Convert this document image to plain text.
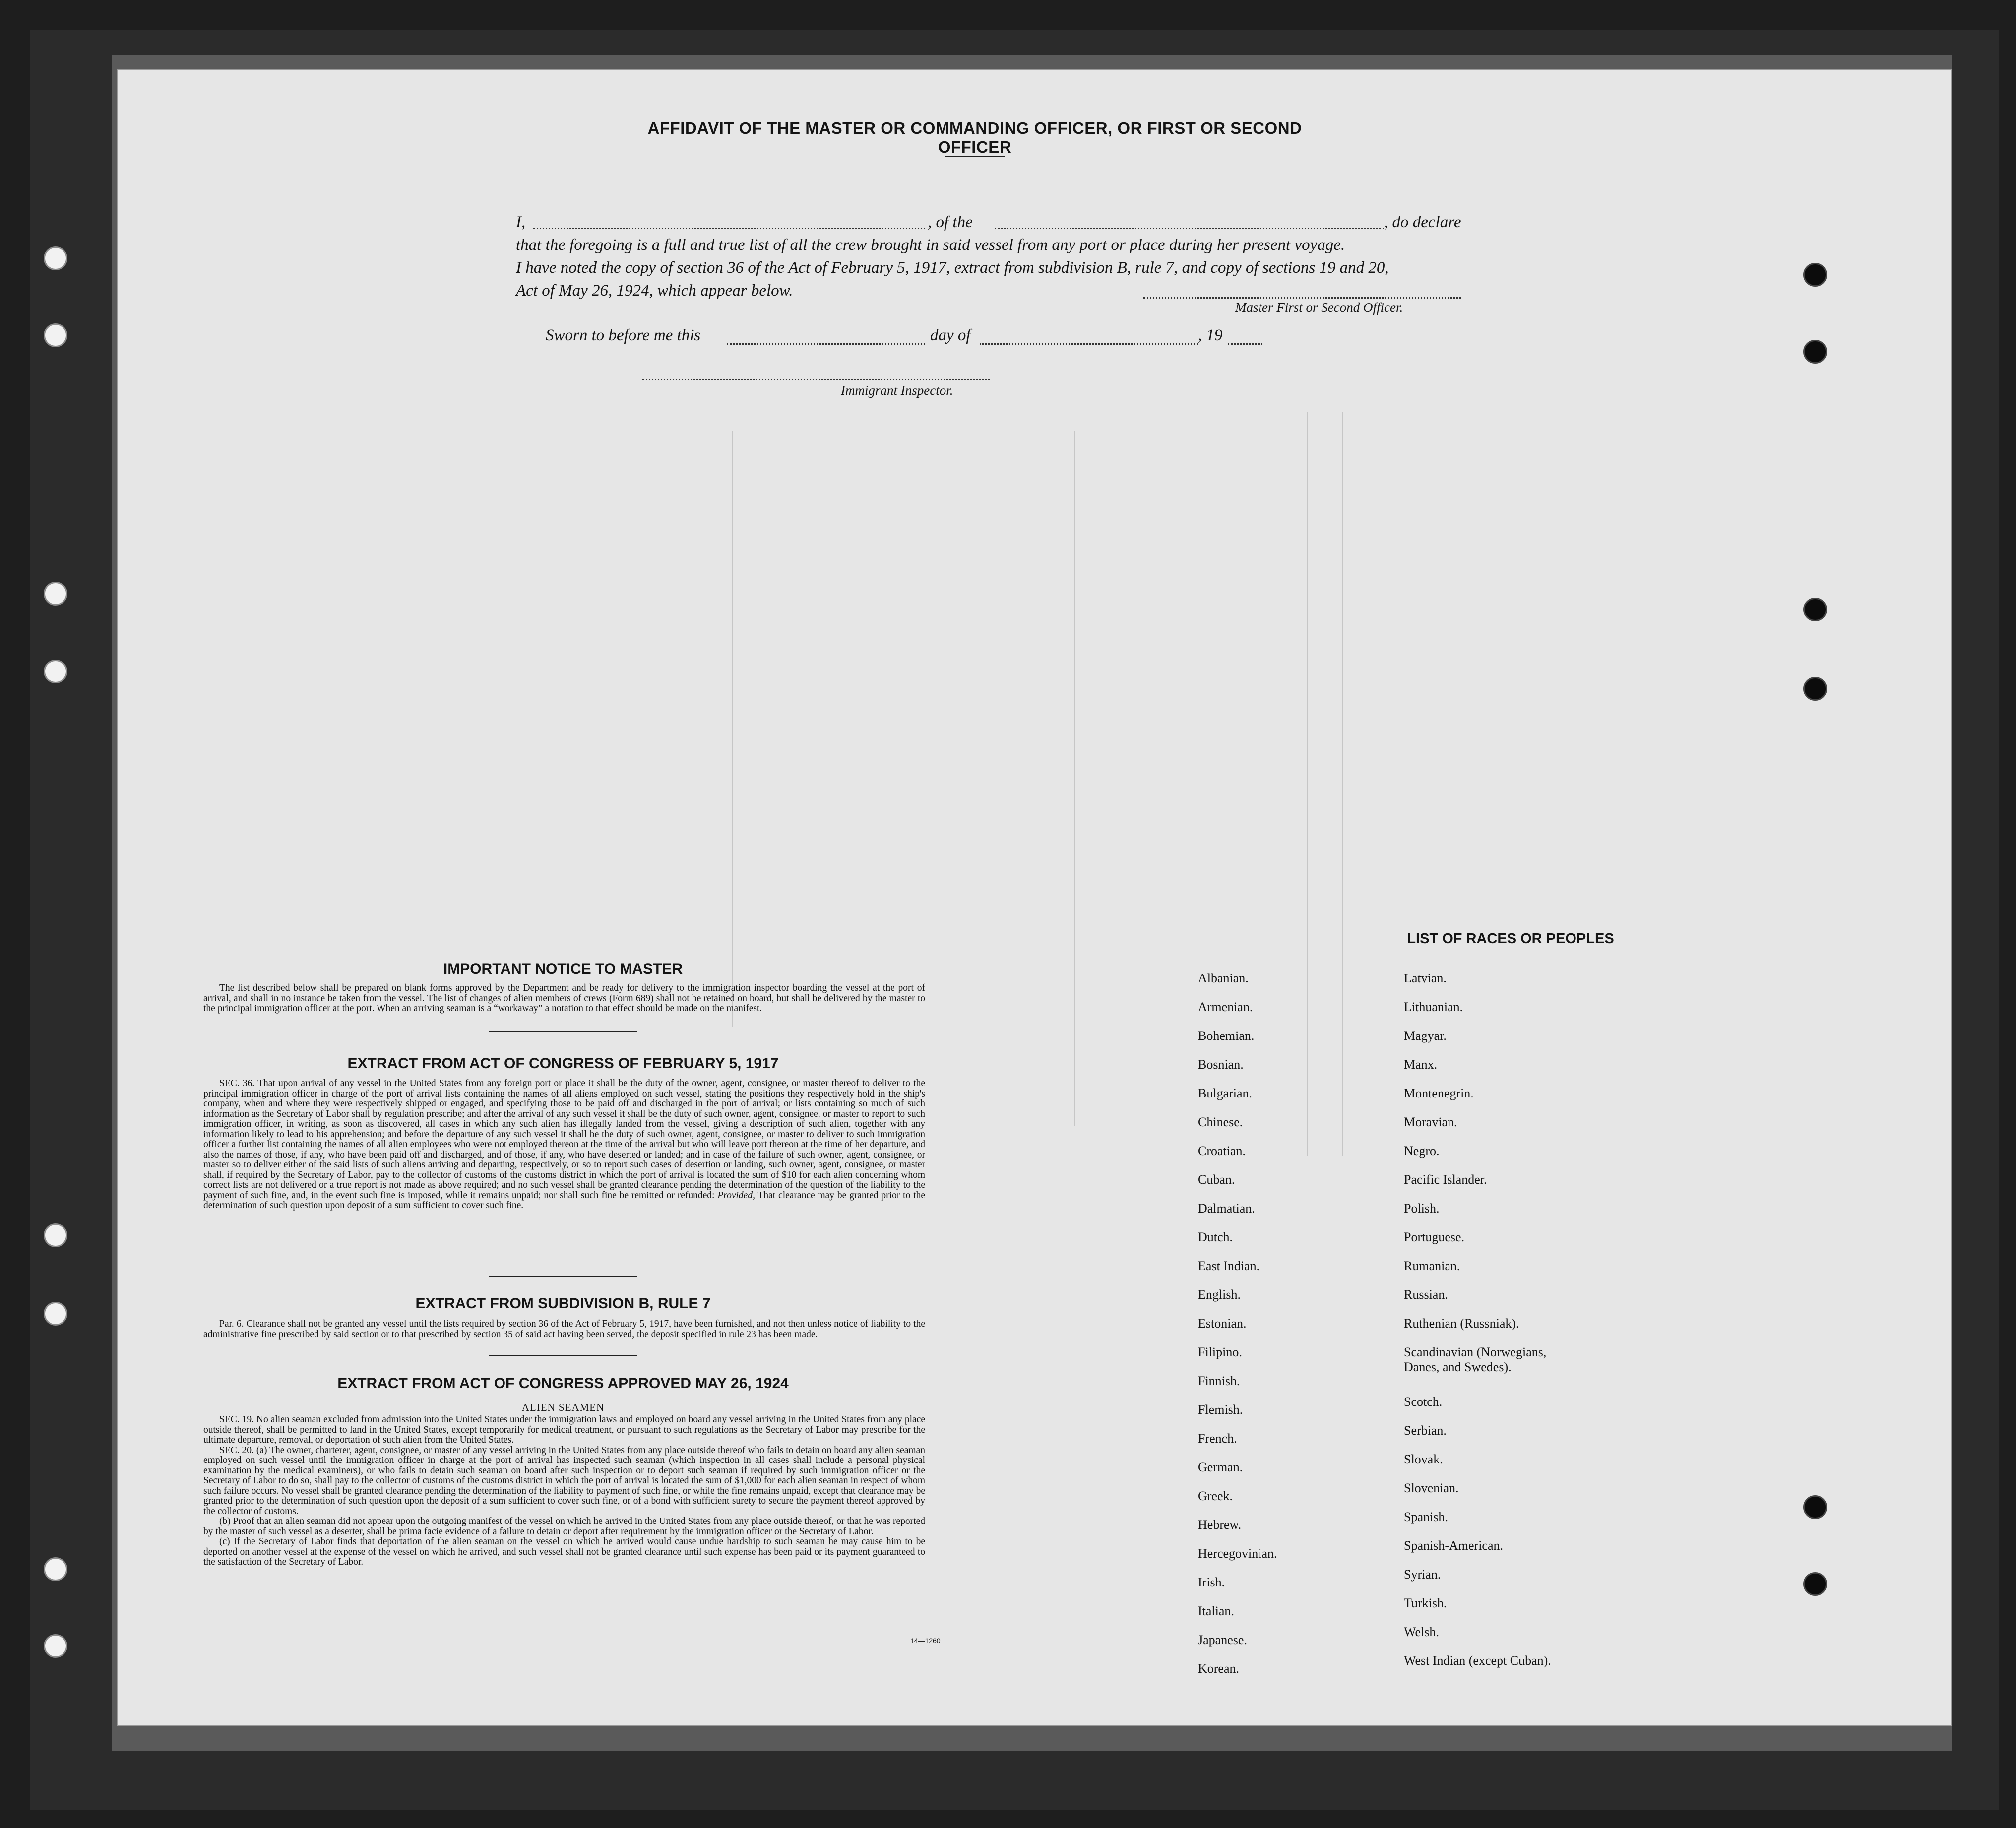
AFFIDAVIT OF THE MASTER OR COMMANDING OFFICER, OR FIRST OR SECOND OFFICER
I,	, of the	, do declare
that the foregoing is a full and true list of all the crew brought in said vessel from any port or place during her present voyage.
I have noted the copy of section 36 of the Act of February 5, 1917, extract from subdivision B, rule 7, and copy of sections 19 and 20,
Act of May 26, 1924, which appear below.
Master First or Second Officer.
Sworn to before me this	day of	, 19
Immigrant Inspector.
IMPORTANT NOTICE TO MASTER

The list described below shall be prepared on blank forms approved by the Department and be ready for delivery to the immigration inspector boarding the vessel at the port of arrival, and shall in no instance be taken from the vessel. The list of changes of alien members of crews (Form 689) shall not be retained on board, but shall be delivered by the master to the principal immigration officer at the port. When an arriving seaman is a “workaway” a notation to that effect should be made on the manifest.

EXTRACT FROM ACT OF CONGRESS OF FEBRUARY 5, 1917

SEC. 36. That upon arrival of any vessel in the United States from any foreign port or place it shall be the duty of the owner, agent, consignee, or master thereof to deliver to the principal immigration officer in charge of the port of arrival lists containing the names of all aliens employed on such vessel, stating the positions they respectively hold in the ship's company, when and where they were respectively shipped or engaged, and specifying those to be paid off and discharged in the port of arrival; or lists containing so much of such information as the Secretary of Labor shall by regulation prescribe; and after the arrival of any such vessel it shall be the duty of such owner, agent, consignee, or master to report to such immigration officer, in writing, as soon as discovered, all cases in which any such alien has illegally landed from the vessel, giving a description of such alien, together with any information likely to lead to his apprehension; and before the departure of any such vessel it shall be the duty of such owner, agent, consignee, or master to deliver to such immigration officer a further list containing the names of all alien employees who were not employed thereon at the time of the arrival but who will leave port thereon at the time of her departure, and also the names of those, if any, who have been paid off and discharged, and of those, if any, who have deserted or landed; and in case of the failure of such owner, agent, consignee, or master so to deliver either of the said lists of such aliens arriving and departing, respectively, or so to report such cases of desertion or landing, such owner, agent, consignee, or master shall, if required by the Secretary of Labor, pay to the collector of customs of the customs district in which the port of arrival is located the sum of $10 for each alien concerning whom correct lists are not delivered or a true report is not made as above required; and no such vessel shall be granted clearance pending the determination of the question of the liability to the payment of such fine, and, in the event such fine is imposed, while it remains unpaid; nor shall such fine be remitted or refunded: Provided, That clearance may be granted prior to the determination of such question upon deposit of a sum sufficient to cover such fine.

EXTRACT FROM SUBDIVISION B, RULE 7

Par. 6. Clearance shall not be granted any vessel until the lists required by section 36 of the Act of February 5, 1917, have been furnished, and not then unless notice of liability to the administrative fine prescribed by said section or to that prescribed by section 35 of said act having been served, the deposit specified in rule 23 has been made.

EXTRACT FROM ACT OF CONGRESS APPROVED MAY 26, 1924
ALIEN SEAMEN

SEC. 19. No alien seaman excluded from admission into the United States under the immigration laws and employed on board any vessel arriving in the United States from any place outside thereof, shall be permitted to land in the United States, except temporarily for medical treatment, or pursuant to such regulations as the Secretary of Labor may prescribe for the ultimate departure, removal, or deportation of such alien from the United States.

SEC. 20. (a) The owner, charterer, agent, consignee, or master of any vessel arriving in the United States from any place outside thereof who fails to detain on board any alien seaman employed on such vessel until the immigration officer in charge at the port of arrival has inspected such seaman (which inspection in all cases shall include a personal physical examination by the medical examiners), or who fails to detain such seaman on board after such inspection or to deport such seaman if required by such immigration officer or the Secretary of Labor to do so, shall pay to the collector of customs of the customs district in which the port of arrival is located the sum of $1,000 for each alien seaman in respect of whom such failure occurs. No vessel shall be granted clearance pending the determination of the liability to payment of such fine, or while the fine remains unpaid, except that clearance may be granted prior to the determination of such question upon the deposit of a sum sufficient to cover such fine, or of a bond with sufficient surety to secure the payment thereof approved by the collector of customs.

(b) Proof that an alien seaman did not appear upon the outgoing manifest of the vessel on which he arrived in the United States from any place outside thereof, or that he was reported by the master of such vessel as a deserter, shall be prima facie evidence of a failure to detain or deport after requirement by the immigration officer or the Secretary of Labor.

(c) If the Secretary of Labor finds that deportation of the alien seaman on the vessel on which he arrived would cause undue hardship to such seaman he may cause him to be deported on another vessel at the expense of the vessel on which he arrived, and such vessel shall not be granted clearance until such expense has been paid or its payment guaranteed to the satisfaction of the Secretary of Labor.

14—1260
LIST OF RACES OR PEOPLES
Albanian.
Armenian.
Bohemian.
Bosnian.
Bulgarian.
Chinese.
Croatian.
Cuban.
Dalmatian.
Dutch.
East Indian.
English.
Estonian.
Filipino.
Finnish.
Flemish.
French.
German.
Greek.
Hebrew.
Hercegovinian.
Irish.
Italian.
Japanese.
Korean.
Latvian.
Lithuanian.
Magyar.
Manx.
Montenegrin.
Moravian.
Negro.
Pacific Islander.
Polish.
Portuguese.
Rumanian.
Russian.
Ruthenian (Russniak).
Scandinavian (Norwegians, Danes, and Swedes).
Scotch.
Serbian.
Slovak.
Slovenian.
Spanish.
Spanish-American.
Syrian.
Turkish.
Welsh.
West Indian (except Cuban).
